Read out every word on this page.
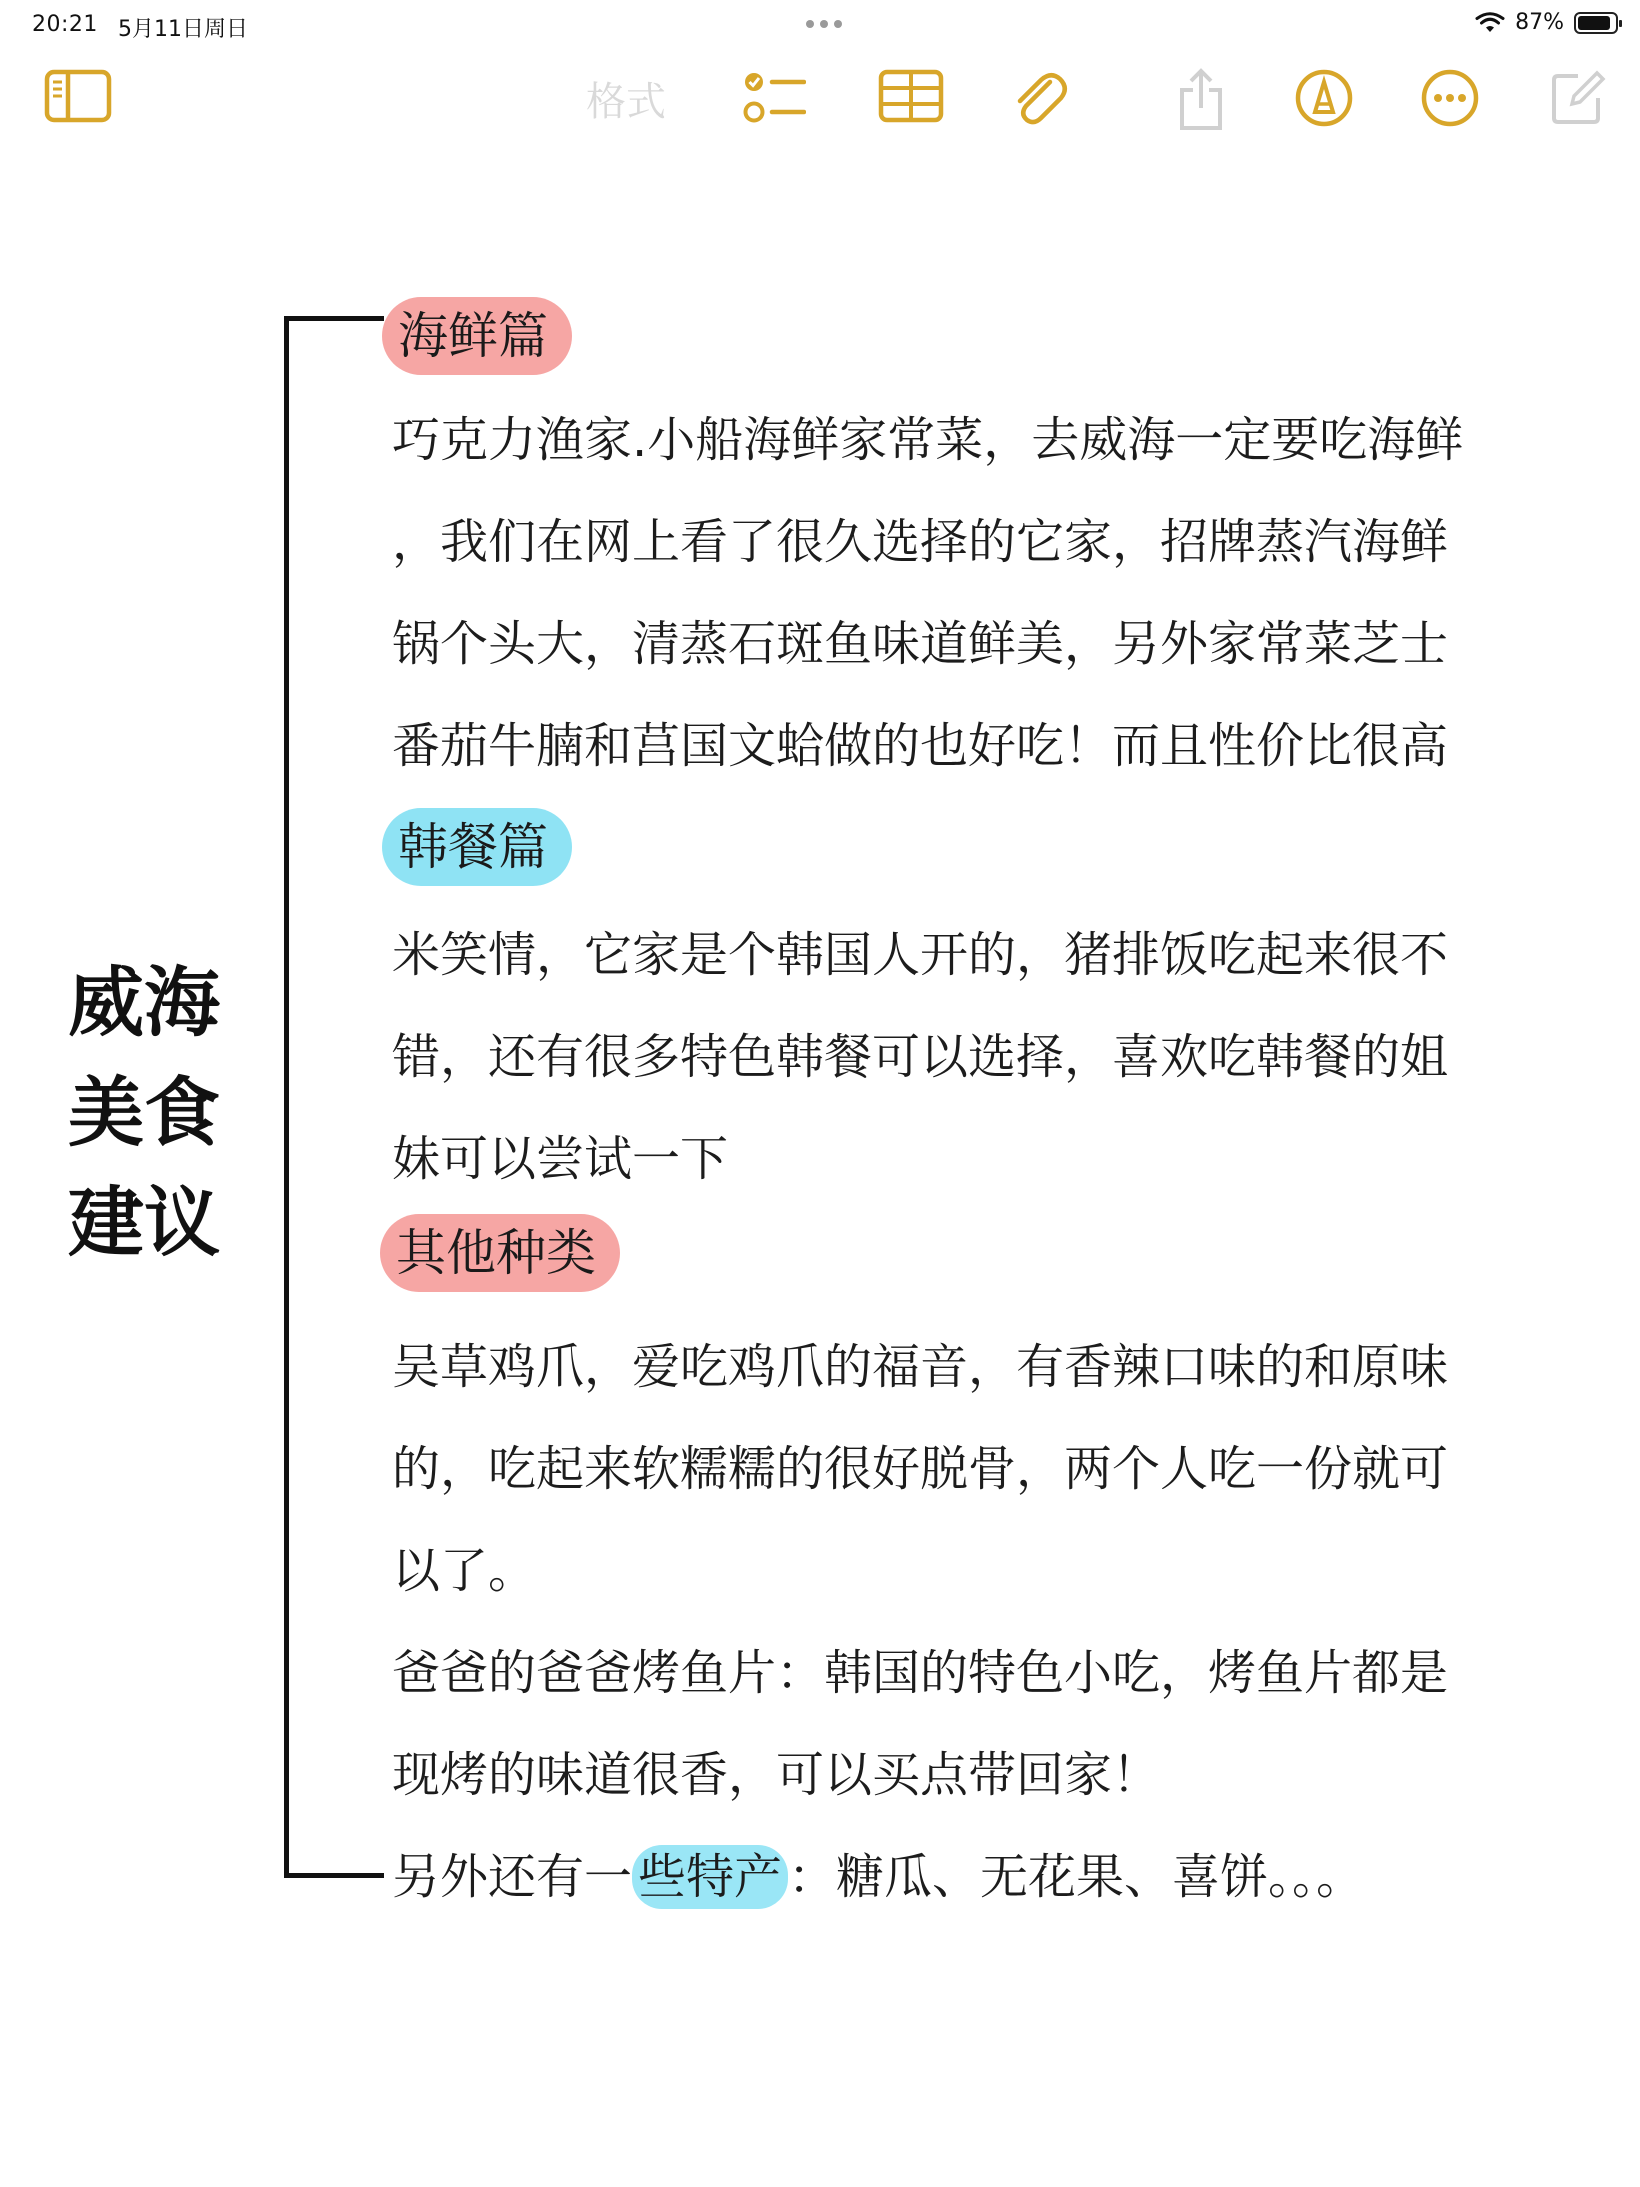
20:21 5月11日周日	87%
格式
威海
美食
建议
海鲜篇
巧克力渔家.小船海鲜家常菜，去威海一定要吃海鲜
，我们在网上看了很久选择的它家，招牌蒸汽海鲜
锅个头大，清蒸石斑鱼味道鲜美，另外家常菜芝士
番茄牛腩和莒国文蛤做的也好吃！而且性价比很高
韩餐篇
米笑情，它家是个韩国人开的，猪排饭吃起来很不
错，还有很多特色韩餐可以选择，喜欢吃韩餐的姐
妹可以尝试一下
其他种类
吴草鸡爪，爱吃鸡爪的福音，有香辣口味的和原味
的，吃起来软糯糯的很好脱骨，两个人吃一份就可
以了。
爸爸的爸爸烤鱼片：韩国的特色小吃，烤鱼片都是
现烤的味道很香，可以买点带回家！
另外还有一 些特产 ：糖瓜、无花果、喜饼。。。
